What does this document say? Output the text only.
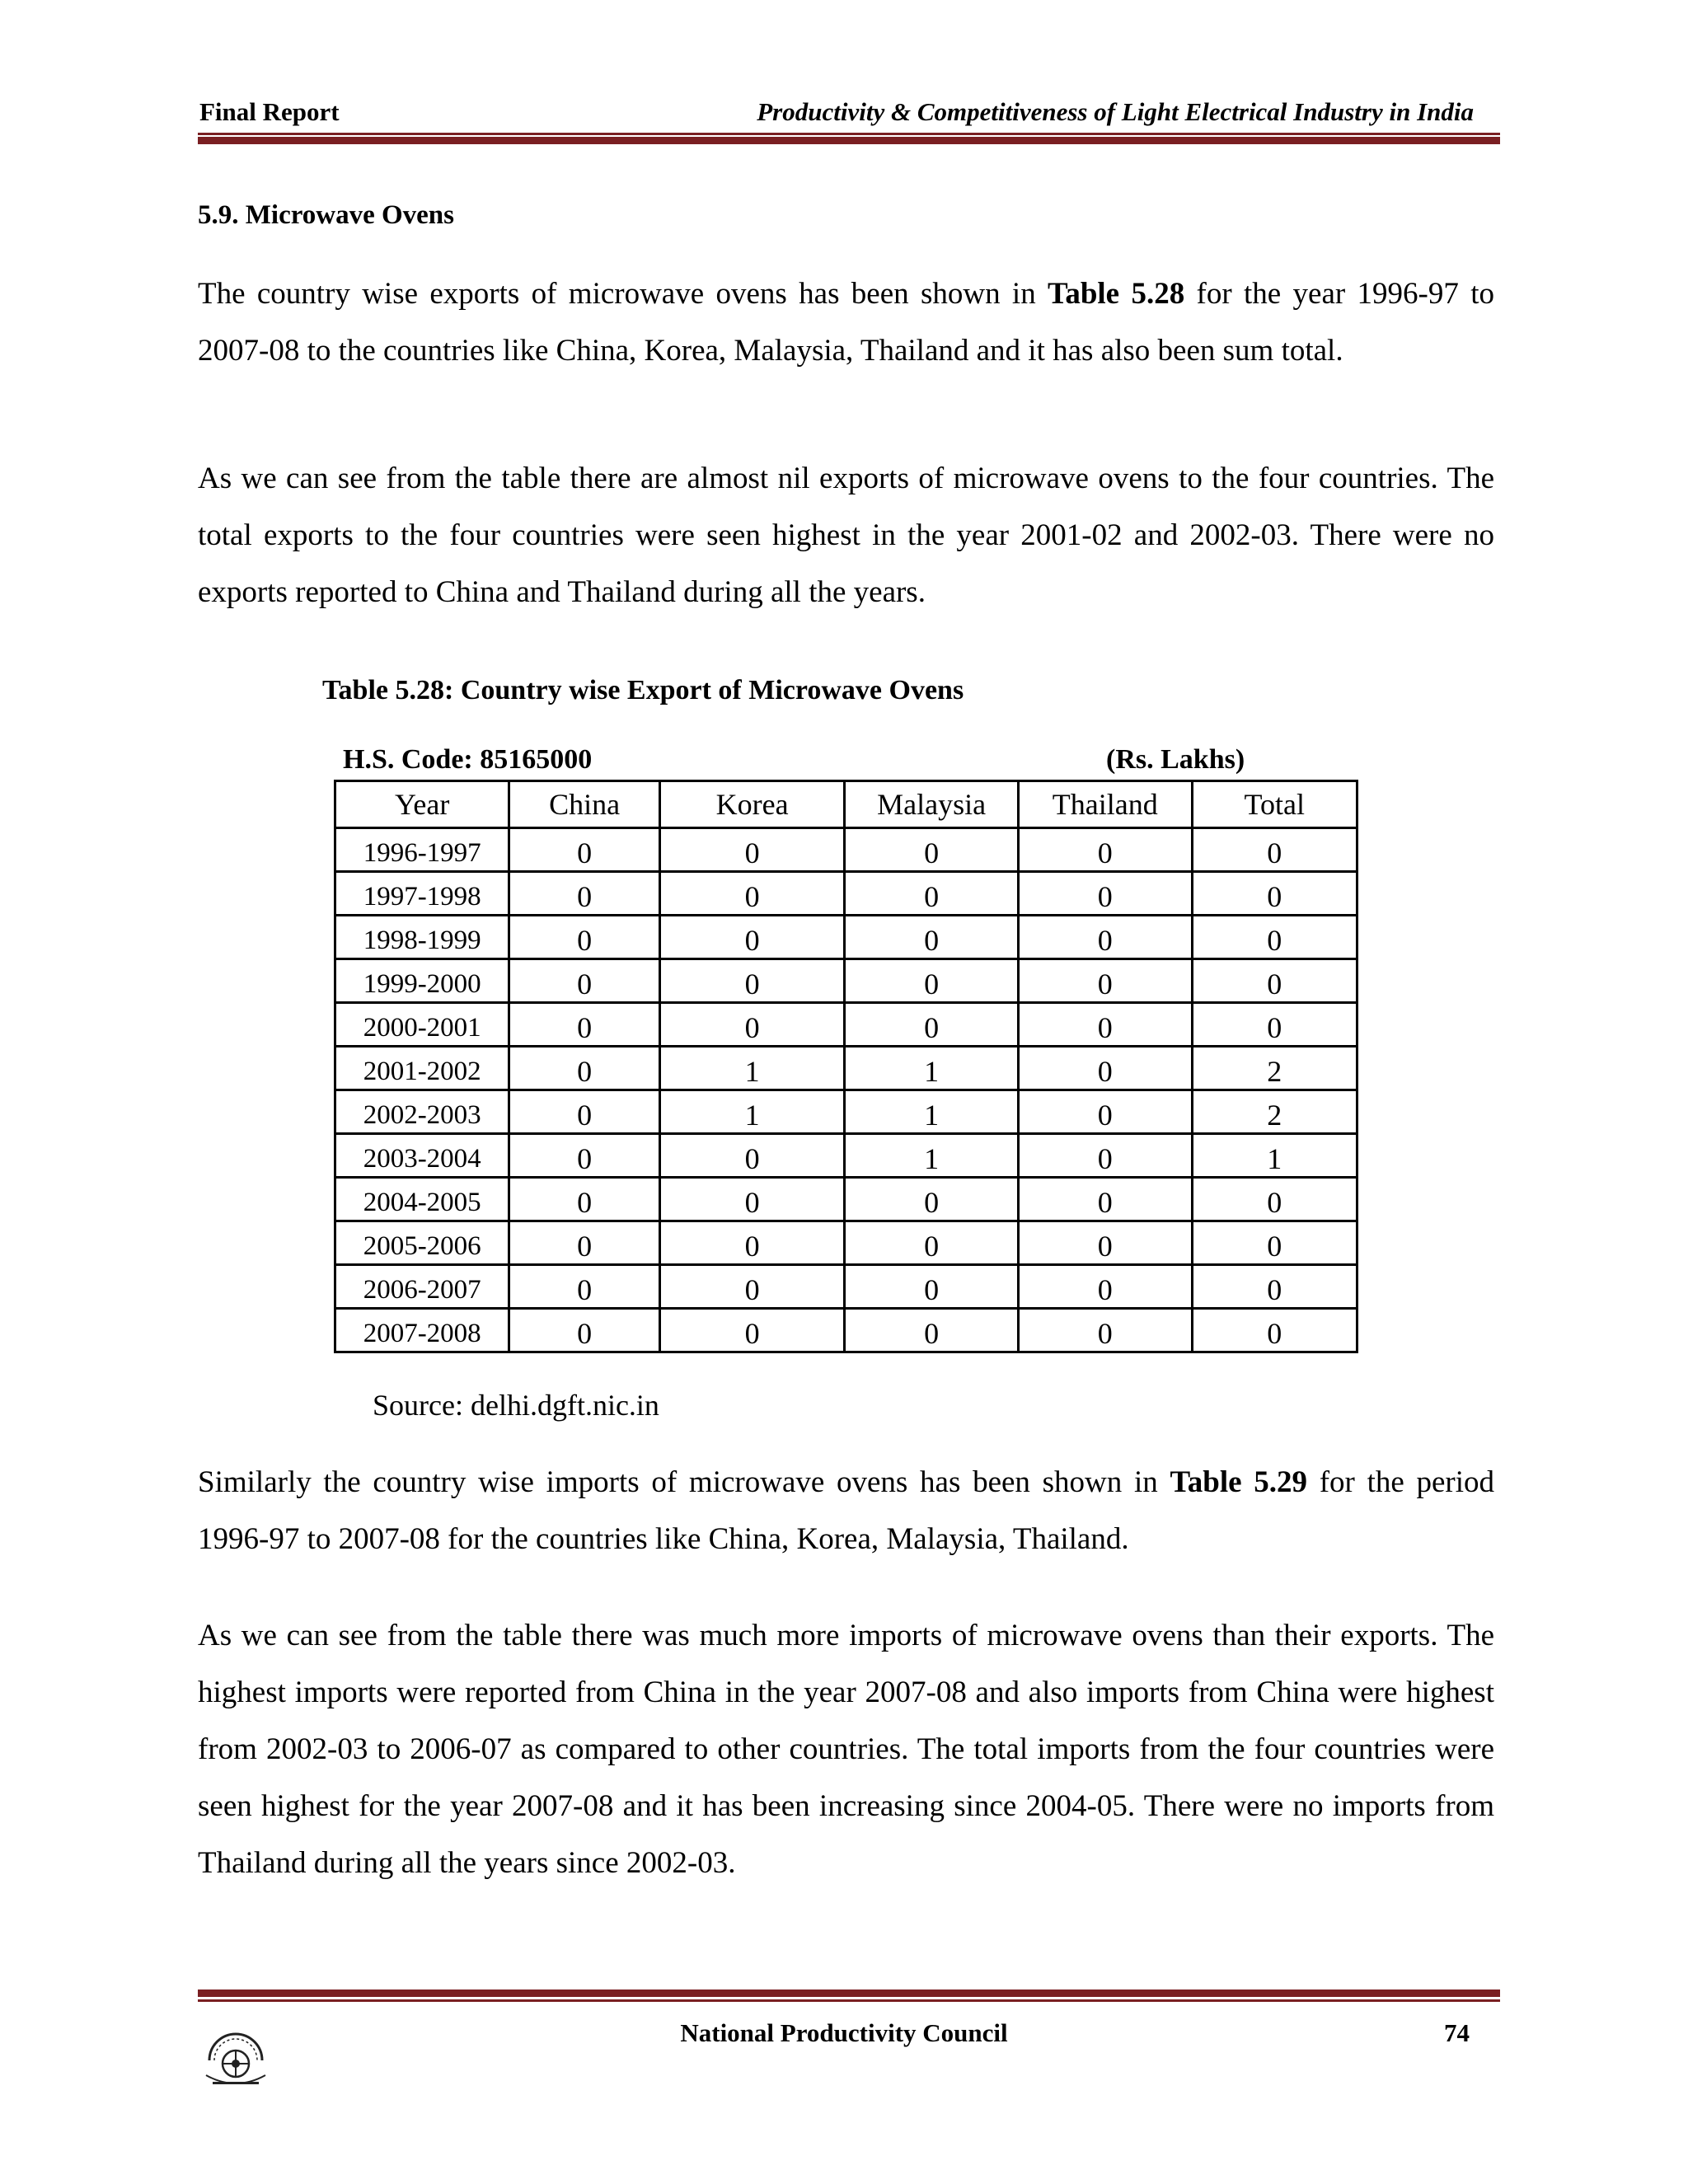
Final Report	Productivity & Competitiveness of Light Electrical Industry in India
5.9. Microwave Ovens

The country wise exports of microwave ovens has been shown in Table 5.28 for the year 1996-97 to 2007-08 to the countries like China, Korea, Malaysia, Thailand and it has also been sum total.

As we can see from the table there are almost nil exports of microwave ovens to the four countries. The total exports to the four countries were seen highest in the year 2001-02 and 2002-03. There were no exports reported to China and Thailand during all the years.

Table 5.28: Country wise Export of Microwave Ovens
H.S. Code: 85165000	(Rs. Lakhs)
Year	China	Korea	Malaysia	Thailand	Total
1996-1997	0	0	0	0	0
1997-1998	0	0	0	0	0
1998-1999	0	0	0	0	0
1999-2000	0	0	0	0	0
2000-2001	0	0	0	0	0
2001-2002	0	1	1	0	2
2002-2003	0	1	1	0	2
2003-2004	0	0	1	0	1
2004-2005	0	0	0	0	0
2005-2006	0	0	0	0	0
2006-2007	0	0	0	0	0
2007-2008	0	0	0	0	0
Source: delhi.dgft.nic.in

Similarly the country wise imports of microwave ovens has been shown in Table 5.29 for the period 1996-97 to 2007-08 for the countries like China, Korea, Malaysia, Thailand.

As we can see from the table there was much more imports of microwave ovens than their exports. The highest imports were reported from China in the year 2007-08 and also imports from China were highest from 2002-03 to 2006-07 as compared to other countries. The total imports from the four countries were seen highest for the year 2007-08 and it has been increasing since 2004-05. There were no imports from Thailand during all the years since 2002-03.

National Productivity Council	74
